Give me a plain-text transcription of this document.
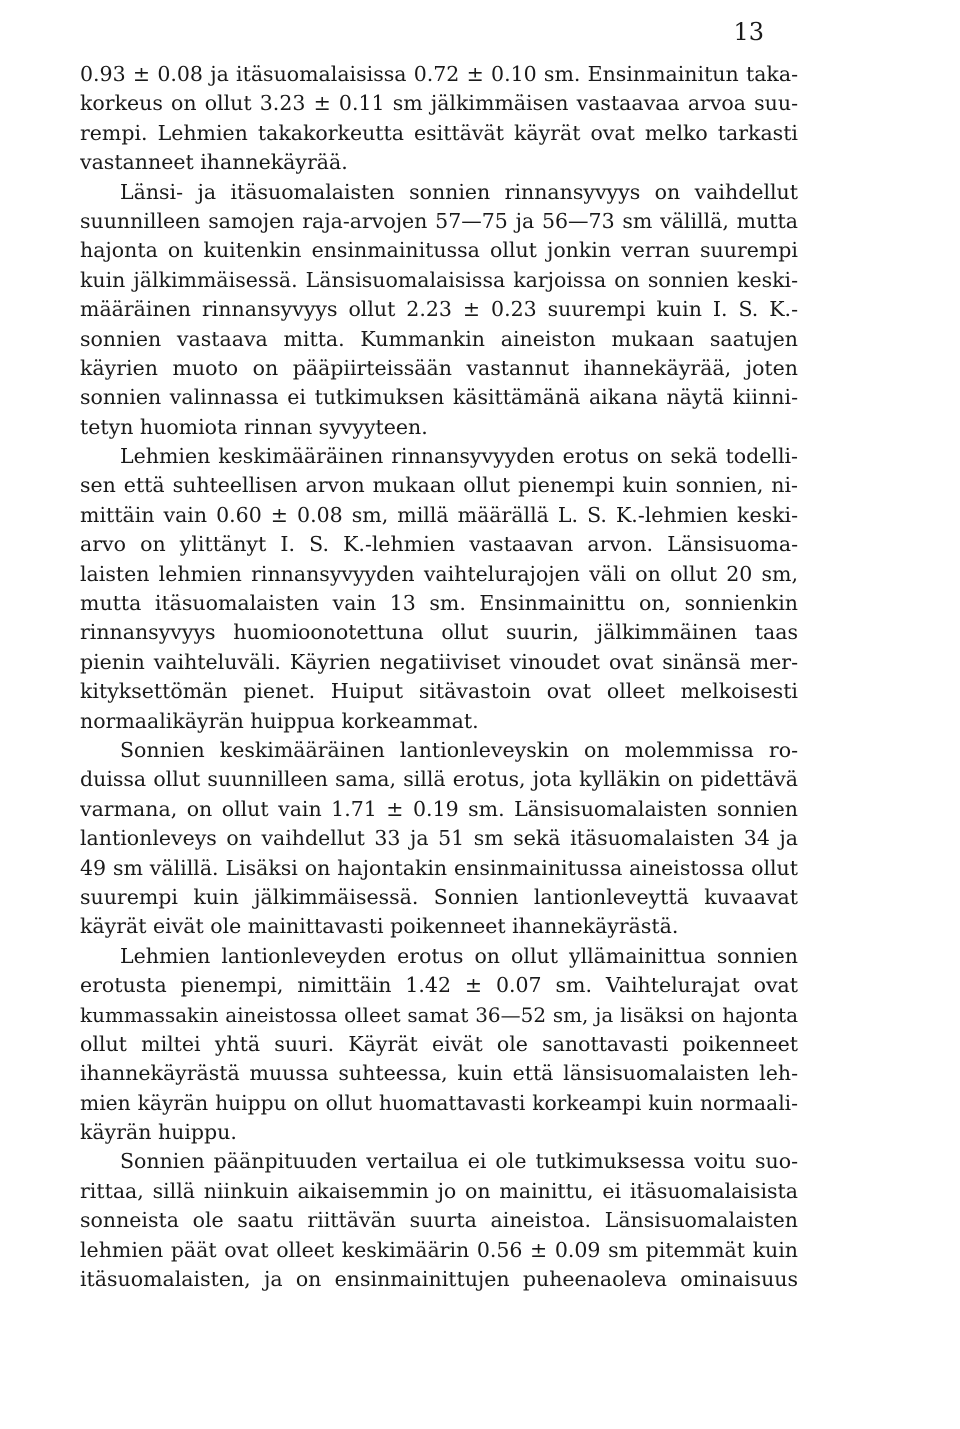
13
0.93 ± 0.08 ja itäsuomalaisissa 0.72 ± 0.10 sm. Ensinmainitun taka-
korkeus on ollut 3.23 ± 0.11 sm jälkimmäisen vastaavaa arvoa suu-
rempi. Lehmien takakorkeutta esittävät käyrät ovat melko tarkasti
vastanneet ihannekäyrää.
Länsi- ja itäsuomalaisten sonnien rinnansyvyys on vaihdellut
suunnilleen samojen raja-arvojen 57—75 ja 56—73 sm välillä, mutta
hajonta on kuitenkin ensinmainitussa ollut jonkin verran suurempi
kuin jälkimmäisessä. Länsisuomalaisissa karjoissa on sonnien keski-
määräinen rinnansyvyys ollut 2.23 ± 0.23 suurempi kuin I. S. K.-
sonnien vastaava mitta. Kummankin aineiston mukaan saatujen
käyrien muoto on pääpiirteissään vastannut ihannekäyrää, joten
sonnien valinnassa ei tutkimuksen käsittämänä aikana näytä kiinni-
tetyn huomiota rinnan syvyyteen.
Lehmien keskimääräinen rinnansyvyyden erotus on sekä todelli-
sen että suhteellisen arvon mukaan ollut pienempi kuin sonnien, ni-
mittäin vain 0.60 ± 0.08 sm, millä määrällä L. S. K.-lehmien keski-
arvo on ylittänyt I. S. K.-lehmien vastaavan arvon. Länsisuoma-
laisten lehmien rinnansyvyyden vaihtelurajojen väli on ollut 20 sm,
mutta itäsuomalaisten vain 13 sm. Ensinmainittu on, sonnienkin
rinnansyvyys huomioonotettuna ollut suurin, jälkimmäinen taas
pienin vaihteluväli. Käyrien negatiiviset vinoudet ovat sinänsä mer-
kityksettömän pienet. Huiput sitävastoin ovat olleet melkoisesti
normaalikäyrän huippua korkeammat.
Sonnien keskimääräinen lantionleveyskin on molemmissa ro-
duissa ollut suunnilleen sama, sillä erotus, jota kylläkin on pidettävä
varmana, on ollut vain 1.71 ± 0.19 sm. Länsisuomalaisten sonnien
lantionleveys on vaihdellut 33 ja 51 sm sekä itäsuomalaisten 34 ja
49 sm välillä. Lisäksi on hajontakin ensinmainitussa aineistossa ollut
suurempi kuin jälkimmäisessä. Sonnien lantionleveyttä kuvaavat
käyrät eivät ole mainittavasti poikenneet ihannekäyrästä.
Lehmien lantionleveyden erotus on ollut yllämainittua sonnien
erotusta pienempi, nimittäin 1.42 ± 0.07 sm. Vaihtelurajat ovat
kummassakin aineistossa olleet samat 36—52 sm, ja lisäksi on hajonta
ollut miltei yhtä suuri. Käyrät eivät ole sanottavasti poikenneet
ihannekäyrästä muussa suhteessa, kuin että länsisuomalaisten leh-
mien käyrän huippu on ollut huomattavasti korkeampi kuin normaali-
käyrän huippu.
Sonnien päänpituuden vertailua ei ole tutkimuksessa voitu suo-
rittaa, sillä niinkuin aikaisemmin jo on mainittu, ei itäsuomalaisista
sonneista ole saatu riittävän suurta aineistoa. Länsisuomalaisten
lehmien päät ovat olleet keskimäärin 0.56 ± 0.09 sm pitemmät kuin
itäsuomalaisten, ja on ensinmainittujen puheenaoleva ominaisuus
